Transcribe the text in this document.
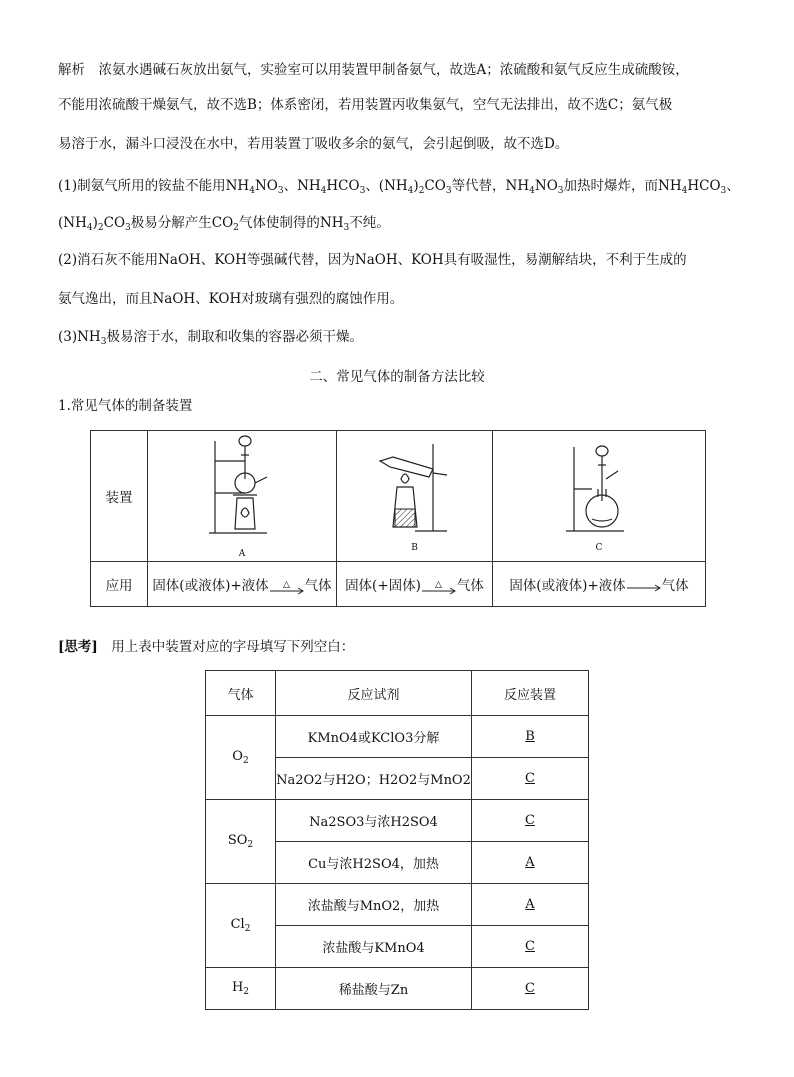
解析　浓氨水遇碱石灰放出氨气，实验室可以用装置甲制备氨气，故选A；浓硫酸和氨气反应生成硫酸铵，
不能用浓硫酸干燥氨气，故不选B；体系密闭，若用装置丙收集氨气，空气无法排出，故不选C；氨气极
易溶于水，漏斗口浸没在水中，若用装置丁吸收多余的氨气，会引起倒吸，故不选D。
(1)制氨气所用的铵盐不能用$NH_4NO_3$、$NH_4HCO_3$、$(NH_4)_2CO_3$等代替，$NH_4NO_3$加热时爆炸，而$NH_4HCO_3$、
$(NH_4)_2CO_3$极易分解产生$CO_2$气体使制得的$NH_3$不纯。
(2)消石灰不能用NaOH、KOH等强碱代替，因为NaOH、KOH具有吸湿性，易潮解结块，不利于生成的
氨气逸出，而且NaOH、KOH对玻璃有强烈的腐蚀作用。
$(3)NH_3$极易溶于水，制取和收集的容器必须干燥。
二、常见气体的制备方法比较
1.常见气体的制备装置
装置	A	B	C

应用	固体(或液体)+液体 △ 气体	固体(+固体) △ 气体	固体(或液体)+液体 气体
[思考]　用上表中装置对应的字母填写下列空白：
气体	反应试剂	反应装置
$O_2$	KMnO4或KClO3分解	B
	Na2O2与H2O；H2O2与MnO2	C
$SO_2$	Na2SO3与浓H2SO4	C
	Cu与浓H2SO4，加热	A
$Cl_2$	浓盐酸与MnO2，加热	A
	浓盐酸与KMnO4	C
$H_2$	稀盐酸与Zn	C
